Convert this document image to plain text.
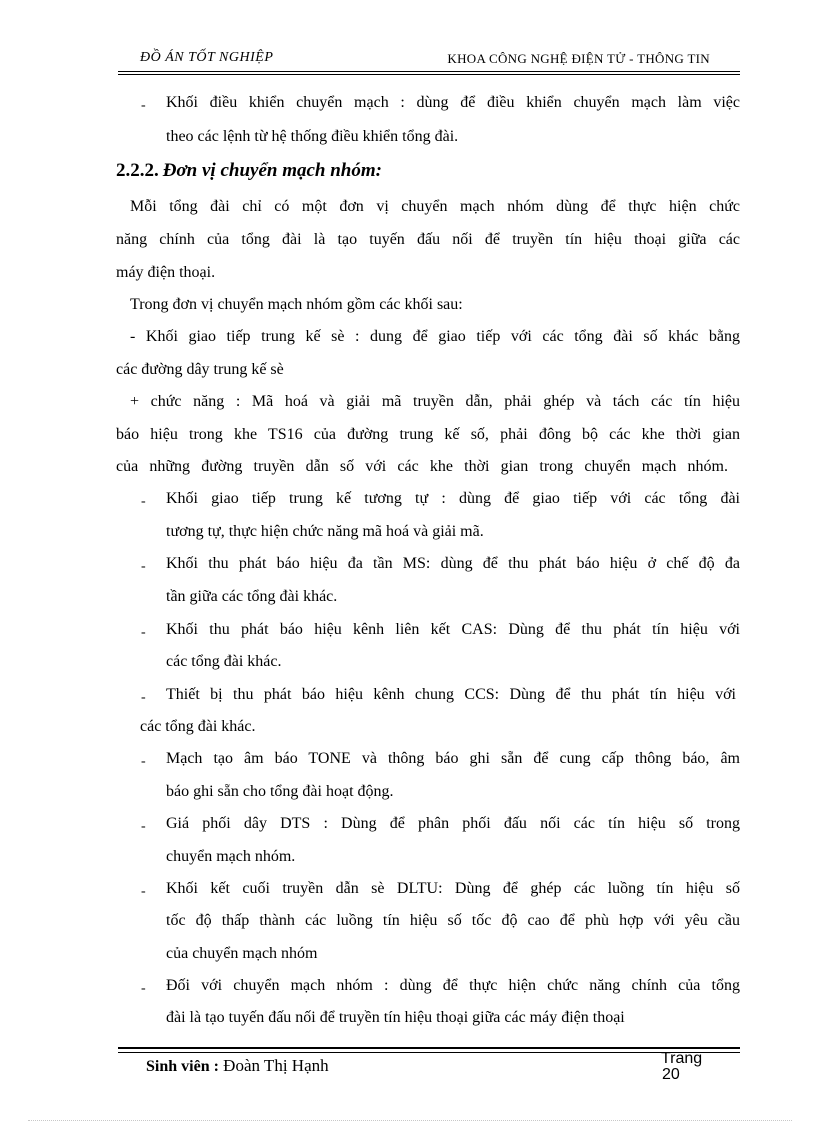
ĐỒ ÁN TỐT NGHIỆP	KHOA CÔNG NGHỆ ĐIỆN TỬ - THÔNG TIN
- Khối điều khiển chuyển mạch : dùng để điều khiển chuyển mạch làm việc
theo các lệnh từ hệ thống điều khiển tổng đài.
2.2.2. Đơn vị chuyển mạch nhóm:
Mỗi tổng đài chỉ có một đơn vị chuyển mạch nhóm dùng để thực hiện chức
năng chính của tổng đài là tạo tuyến đấu nối để truyền tín hiệu thoại giữa các
máy điện thoại.
Trong đơn vị chuyển mạch nhóm gồm các khối sau:
- Khối giao tiếp trung kế sè : dung để giao tiếp với các tổng đài số khác bằng
các đường dây trung kế sè
+ chức năng : Mã hoá và giải mã truyền dẫn, phải ghép và tách các tín hiệu
báo hiệu trong khe TS16 của đường trung kế số, phải đông bộ các khe thời gian
của những đường truyền dẫn số với các khe thời gian trong chuyển mạch nhóm.
- Khối giao tiếp trung kế tương tự : dùng để giao tiếp với các tổng đài
tương tự, thực hiện chức năng mã hoá và giải mã.
- Khối thu phát báo hiệu đa tần MS: dùng để thu phát báo hiệu ở chế độ đa
tần giữa các tổng đài khác.
- Khối thu phát báo hiệu kênh liên kết CAS: Dùng để thu phát tín hiệu với
các tổng đài khác.
- Thiết bị thu phát báo hiệu kênh chung CCS: Dùng để thu phát tín hiệu với
các tổng đài khác.
- Mạch tạo âm báo TONE và thông báo ghi sẵn để cung cấp thông báo, âm
báo ghi sẵn cho tổng đài hoạt động.
- Giá phối dây DTS : Dùng để phân phối đấu nối các tín hiệu số trong
chuyển mạch nhóm.
- Khối kết cuối truyền dẫn sè DLTU: Dùng để ghép các luồng tín hiệu số
tốc độ thấp thành các luồng tín hiệu số tốc độ cao để phù hợp với yêu cầu
của chuyển mạch nhóm
- Đối với chuyển mạch nhóm : dùng để thực hiện chức năng chính của tổng
đài là tạo tuyến đấu nối để truyền tín hiệu thoại giữa các máy điện thoại
Sinh viên : Đoàn Thị Hạnh	Trang
20
